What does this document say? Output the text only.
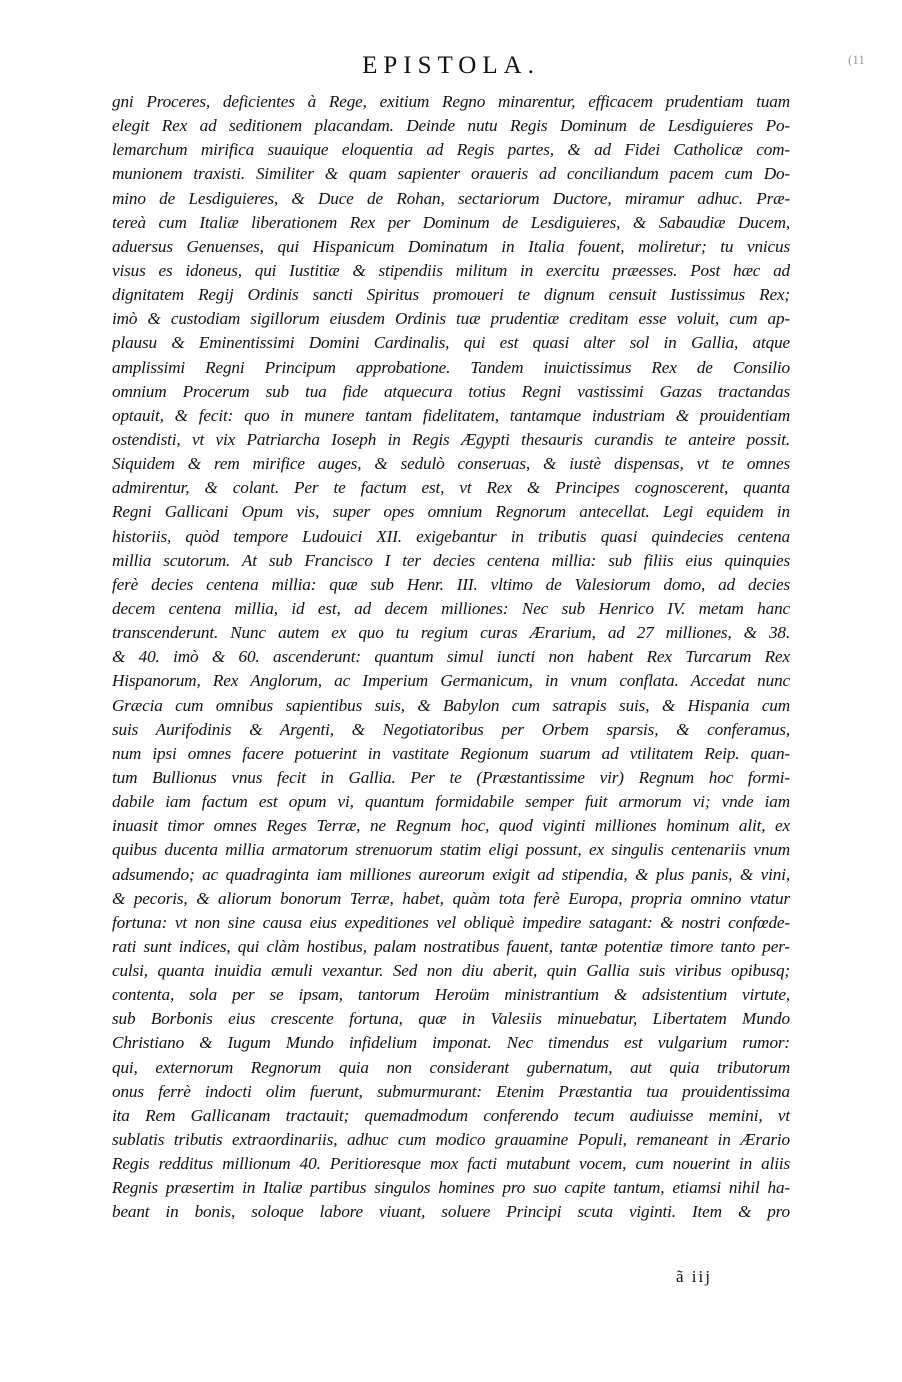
(11
EPISTOLA.
gni Proceres, deficientes à Rege, exitium Regno minarentur, efficacem prudentiam tuam
elegit Rex ad seditionem placandam. Deinde nutu Regis Dominum de Lesdiguieres Po-
lemarchum mirifica suauique eloquentia ad Regis partes, & ad Fidei Catholicæ com-
munionem traxisti. Similiter & quam sapienter oraueris ad conciliandum pacem cum Do-
mino de Lesdiguieres, & Duce de Rohan, sectariorum Ductore, miramur adhuc. Præ-
tereà cum Italiæ liberationem Rex per Dominum de Lesdiguieres, & Sabaudiæ Ducem,
aduersus Genuenses, qui Hispanicum Dominatum in Italia fouent, moliretur; tu vnicus
visus es idoneus, qui Iustitiæ & stipendiis militum in exercitu præesses. Post hæc ad
dignitatem Regij Ordinis sancti Spiritus promoueri te dignum censuit Iustissimus Rex;
imò & custodiam sigillorum eiusdem Ordinis tuæ prudentiæ creditam esse voluit, cum ap-
plausu & Eminentissimi Domini Cardinalis, qui est quasi alter sol in Gallia, atque
amplissimi Regni Principum approbatione. Tandem inuictissimus Rex de Consilio
omnium Procerum sub tua fide atquecura totius Regni vastissimi Gazas tractandas
optauit, & fecit: quo in munere tantam fidelitatem, tantamque industriam & prouidentiam
ostendisti, vt vix Patriarcha Ioseph in Regis Ægypti thesauris curandis te anteire possit.
Siquidem & rem mirifice auges, & sedulò conseruas, & iustè dispensas, vt te omnes
admirentur, & colant. Per te factum est, vt Rex & Principes cognoscerent, quanta
Regni Gallicani Opum vis, super opes omnium Regnorum antecellat. Legi equidem in
historiis, quòd tempore Ludouici XII. exigebantur in tributis quasi quindecies centena
millia scutorum. At sub Francisco I ter decies centena millia: sub filiis eius quinquies
ferè decies centena millia: quæ sub Henr. III. vltimo de Valesiorum domo, ad decies
decem centena millia, id est, ad decem milliones: Nec sub Henrico IV. metam hanc
transcenderunt. Nunc autem ex quo tu regium curas Ærarium, ad 27 milliones, & 38.
& 40. imò & 60. ascenderunt: quantum simul iuncti non habent Rex Turcarum Rex
Hispanorum, Rex Anglorum, ac Imperium Germanicum, in vnum conflata. Accedat nunc
Græcia cum omnibus sapientibus suis, & Babylon cum satrapis suis, & Hispania cum
suis Aurifodinis & Argenti, & Negotiatoribus per Orbem sparsis, & conferamus,
num ipsi omnes facere potuerint in vastitate Regionum suarum ad vtilitatem Reip. quan-
tum Bullionus vnus fecit in Gallia. Per te (Præstantissime vir) Regnum hoc formi-
dabile iam factum est opum vi, quantum formidabile semper fuit armorum vi; vnde iam
inuasit timor omnes Reges Terræ, ne Regnum hoc, quod viginti milliones hominum alit, ex
quibus ducenta millia armatorum strenuorum statim eligi possunt, ex singulis centenariis vnum
adsumendo; ac quadraginta iam milliones aureorum exigit ad stipendia, & plus panis, & vini,
& pecoris, & aliorum bonorum Terræ, habet, quàm tota ferè Europa, propria omnino vtatur
fortuna: vt non sine causa eius expeditiones vel obliquè impedire satagant: & nostri confœde-
rati sunt indices, qui clàm hostibus, palam nostratibus fauent, tantæ potentiæ timore tanto per-
culsi, quanta inuidia æmuli vexantur. Sed non diu aberit, quin Gallia suis viribus opibusq;
contenta, sola per se ipsam, tantorum Heroüm ministrantium & adsistentium virtute,
sub Borbonis eius crescente fortuna, quæ in Valesiis minuebatur, Libertatem Mundo
Christiano & Iugum Mundo infidelium imponat. Nec timendus est vulgarium rumor:
qui, externorum Regnorum quia non considerant gubernatum, aut quia tributorum
onus ferrè indocti olim fuerunt, submurmurant: Etenim Præstantia tua prouidentissima
ita Rem Gallicanam tractauit; quemadmodum conferendo tecum audiuisse memini, vt
sublatis tributis extraordinariis, adhuc cum modico grauamine Populi, remaneant in Ærario
Regis redditus millionum 40. Peritioresque mox facti mutabunt vocem, cum nouerint in aliis
Regnis præsertim in Italiæ partibus singulos homines pro suo capite tantum, etiamsi nihil ha-
beant in bonis, soloque labore viuant, soluere Principi scuta viginti. Item & pro
ã iij
